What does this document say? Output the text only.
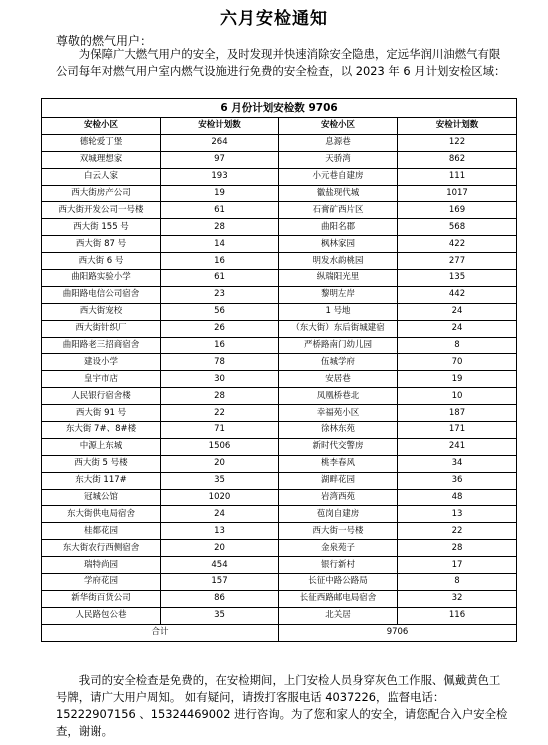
六月安检通知
尊敬的燃气用户：
为保障广大燃气用户的安全，及时发现并快速消除安全隐患，定远华润川油燃气有限公司每年对燃气用户室内燃气设施进行免费的安全检查，以 2023 年 6 月计划安检区域：
6 月份计划安检数 9706			
安检小区	安检计划数	安检小区	安检计划数
德轮爱丁堡	264	息源巷	122
双城理想家	97	天骄湾	862
白云人家	193	小元巷自建房	111
西大街房产公司	19	徽盐现代城	1017
西大街开发公司一号楼	61	石膏矿西片区	169
西大街 155 号	28	曲阳名郡	568
西大街 87 号	14	枫林家园	422
西大街 6 号	16	明发水韵桃园	277
曲阳路实验小学	61	纵瑞阳光里	135
曲阳路电信公司宿舍	23	黎明左岸	442
西大街宠校	56	1 号地	24
西大街针织厂	26	（东大街）东后街城建宿	24
曲阳路老三招商宿舍	16	严桥路南门幼儿园	8
建设小学	78	伍城学府	70
皇宇市店	30	安居巷	19
人民银行宿舍楼	28	凤凰桥巷北	10
西大街 91 号	22	幸福苑小区	187
东大街 7#、8#楼	71	徐林东苑	171
中源上东城	1506	新时代交警房	241
西大街 5 号楼	20	桃李春风	34
东大街 117#	35	湖畔花园	36
冠城公馆	1020	岩湾西苑	48
东大街供电局宿舍	24	苞岗自建房	13
桂都花园	13	西大街一号楼	22
东大街农行西侧宿舍	20	金泉苑子	28
瑞特尚园	454	银行新村	17
学府花园	157	长征中路公路局	8
新华街百货公司	86	长征西路邮电局宿舍	32
人民路包公巷	35	北关居	116
合计		9706	
我司的安全检查是免费的，在安检期间，上门安检人员身穿灰色工作服、佩戴黄色工号牌，请广大用户周知。 如有疑问，请拨打客服电话 4037226，监督电话：15222907156 、15324469002 进行咨询。为了您和家人的安全，请您配合入户安全检查，谢谢。
